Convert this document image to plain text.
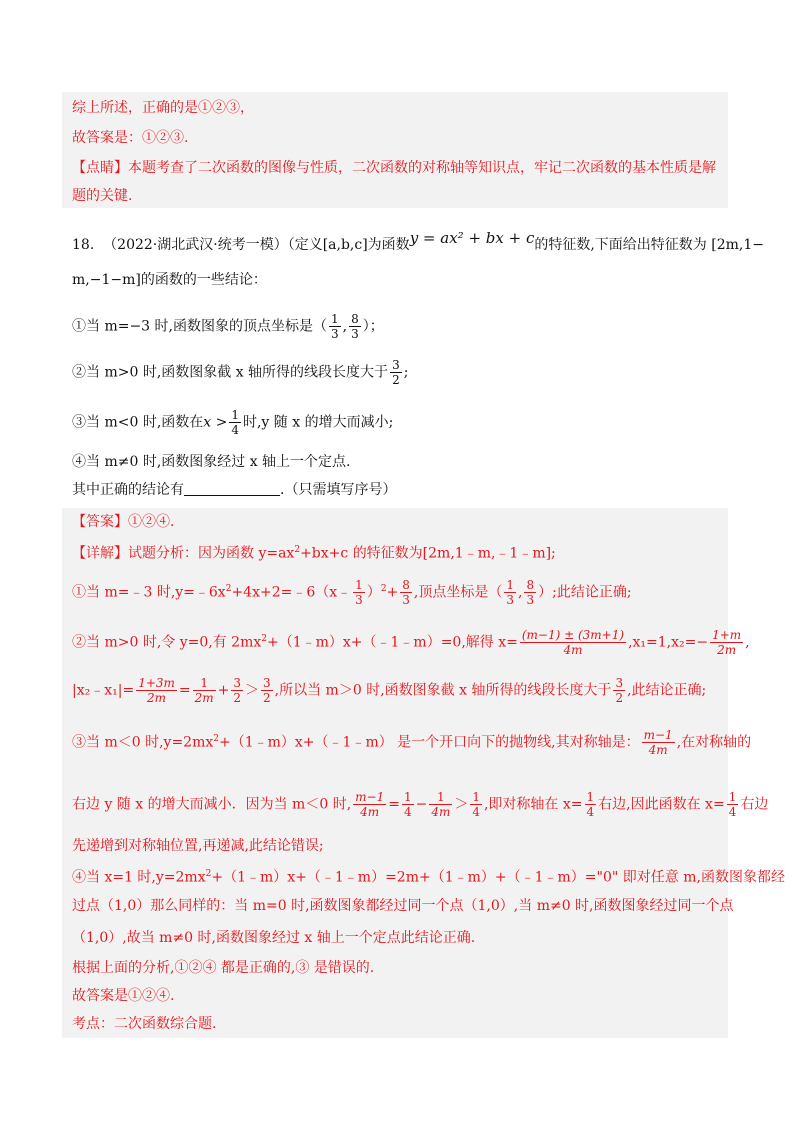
综上所述，正确的是①②③，
故答案是：①②③.
【点睛】本题考查了二次函数的图像与性质，二次函数的对称轴等知识点，牢记二次函数的基本性质是解
题的关键.
18. （2022·湖北武汉·统考一模）（定义[a,b,c]为函数y = ax² + bx + c的特征数,下面给出特征数为 [2m,1−
m,−1−m]的函数的一些结论：
①当 m=−3 时,函数图象的顶点坐标是（ $\frac{1}{3}$ , $\frac{8}{3}$ ）；
②当 m>0 时,函数图象截 x 轴所得的线段长度大于 $\frac{3}{2}$ ;
③当 m<0 时,函数在$x > \frac{1}{4}$ 时,y 随 x 的增大而减小;
④当 m≠0 时,函数图象经过 x 轴上一个定点.
其中正确的结论有	.（只需填写序号）
【答案】①②④.
【详解】试题分析：因为函数 $y=ax^2+bx+c$ 的特征数为[2m,1﹣m,﹣1﹣m];
①当 m=﹣3 时$,y=﹣6x^2+4x+2=﹣6(x﹣ \frac{1}{3} )^2+ \frac{8}{3}$ ,顶点坐标是（ $\frac{1}{3}$ , $\frac{8}{3}$ ）;此结论正确;
②当 m>0 时,令 y=0,有 $2mx^2+(1﹣m)x+(﹣1﹣m)=0$,解得 $x= \frac{(m-1) \pm (3m+1)}{4m} ,x_1=1,x_2=- \frac{1+m}{2m}$ ,
|x₂﹣x₁|= $\frac{1+3m}{2m} = \frac{1}{2m} + \frac{3}{2} > \frac{3}{2}$ ,所以当 m＞0 时,函数图象截 x 轴所得的线段长度大于 $\frac{3}{2}$ ,此结论正确;
③当 m＜0 时$,y=2mx^2+(1﹣m)x+(﹣1﹣m)$ 是一个开口向下的抛物线,其对称轴是： $\frac{m-1}{4m}$ ,在对称轴的
右边 y 随 x 的增大而减小．因为当 m＜0 时, $\frac{m-1}{4m} = \frac{1}{4} - \frac{1}{4m} > \frac{1}{4}$ ,即对称轴在 $x= \frac{1}{4}$ 右边,因此函数在 $x= \frac{1}{4}$ 右边
先递增到对称轴位置,再递减,此结论错误;
④当 x=1 时$,y=2mx^2+(1﹣m)x+(﹣1﹣m)=2m+(1﹣m)+(﹣1﹣m)="0$" 即对任意 m,函数图象都经
过点（1,0）那么同样的：当 m=0 时,函数图象都经过同一个点（1,0）,当 m≠0 时,函数图象经过同一个点
（1,0）,故当 m≠0 时,函数图象经过 x 轴上一个定点此结论正确.
根据上面的分析,①②④ 都是正确的,③ 是错误的.
故答案是①②④.
考点：二次函数综合题.
